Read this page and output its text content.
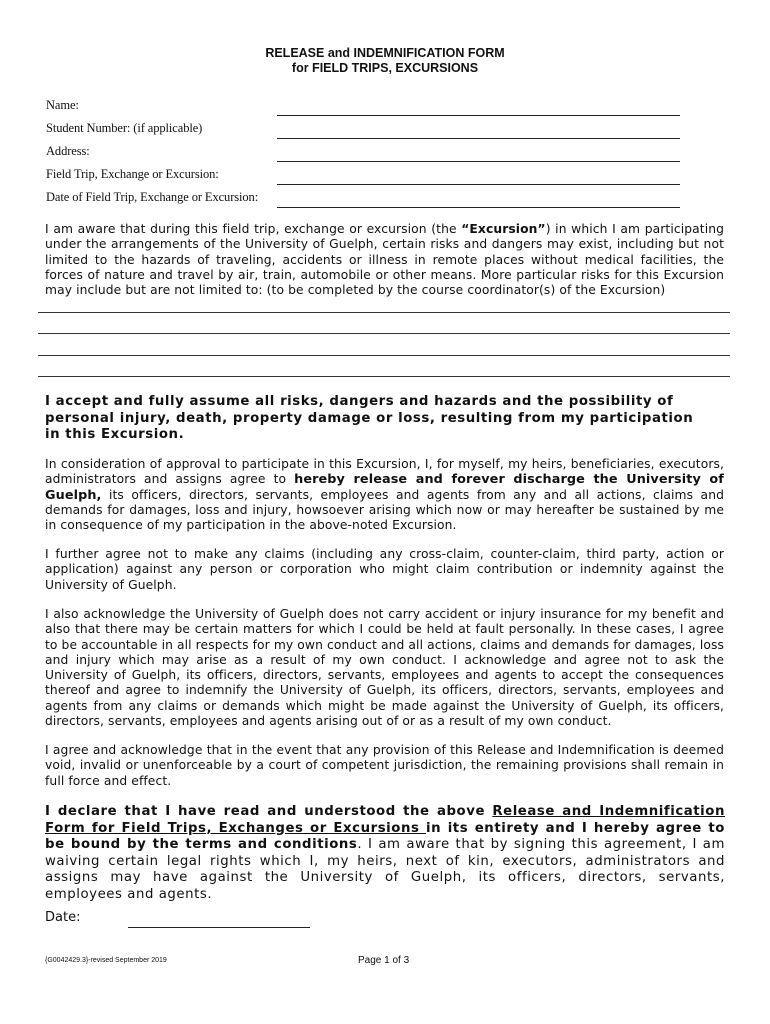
RELEASE and INDEMNIFICATION FORM
for FIELD TRIPS, EXCURSIONS
Name:
Student Number: (if applicable)
Address:
Field Trip, Exchange or Excursion:
Date of Field Trip, Exchange or Excursion:
I am aware that during this field trip, exchange or excursion (the “Excursion”) in which I am participating under the arrangements of the University of Guelph, certain risks and dangers may exist, including but not limited to the hazards of traveling, accidents or illness in remote places without medical facilities, the forces of nature and travel by air, train, automobile or other means. More particular risks for this Excursion may include but are not limited to: (to be completed by the course coordinator(s) of the Excursion)
I accept and fully assume all risks, dangers and hazards and the possibility of personal injury, death, property damage or loss, resulting from my participation in this Excursion.
In consideration of approval to participate in this Excursion, I, for myself, my heirs, beneficiaries, executors, administrators and assigns agree to hereby release and forever discharge the University of Guelph, its officers, directors, servants, employees and agents from any and all actions, claims and demands for damages, loss and injury, howsoever arising which now or may hereafter be sustained by me in consequence of my participation in the above-noted Excursion.
I further agree not to make any claims (including any cross-claim, counter-claim, third party, action or application) against any person or corporation who might claim contribution or indemnity against the University of Guelph.
I also acknowledge the University of Guelph does not carry accident or injury insurance for my benefit and also that there may be certain matters for which I could be held at fault personally. In these cases, I agree to be accountable in all respects for my own conduct and all actions, claims and demands for damages, loss and injury which may arise as a result of my own conduct. I acknowledge and agree not to ask the University of Guelph, its officers, directors, servants, employees and agents to accept the consequences thereof and agree to indemnify the University of Guelph, its officers, directors, servants, employees and agents from any claims or demands which might be made against the University of Guelph, its officers, directors, servants, employees and agents arising out of or as a result of my own conduct.
I agree and acknowledge that in the event that any provision of this Release and Indemnification is deemed void, invalid or unenforceable by a court of competent jurisdiction, the remaining provisions shall remain in full force and effect.
I declare that I have read and understood the above Release and Indemnification Form for Field Trips, Exchanges or Excursions in its entirety and I hereby agree to be bound by the terms and conditions. I am aware that by signing this agreement, I am waiving certain legal rights which I, my heirs, next of kin, executors, administrators and assigns may have against the University of Guelph, its officers, directors, servants, employees and agents.
Date:
{G0042429.3}-revised September 2019	Page 1 of 3
